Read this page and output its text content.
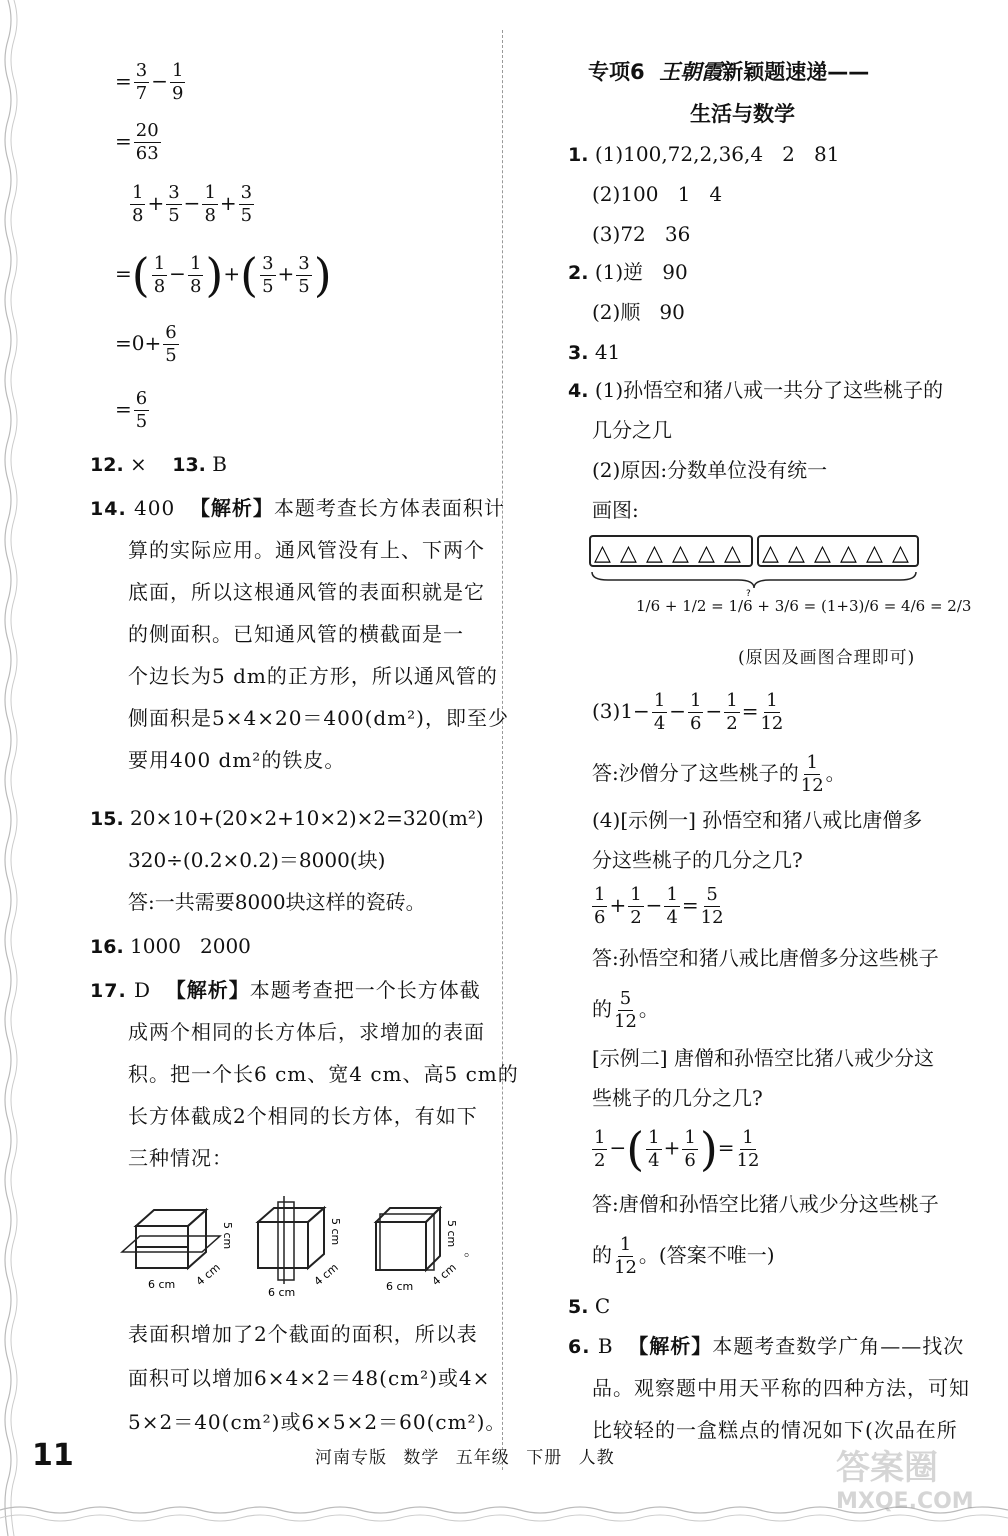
= $\frac{3}{7} - \frac{1}{9}$
= $\frac{20}{63}$
$\frac{1}{8} + \frac{3}{5} - \frac{1}{8} + \frac{3}{5}$
=( $\frac{1}{8} - \frac{1}{8}$ )+( $\frac{3}{5} + \frac{3}{5}$ )
$=0+ \frac{6}{5}$
= $\frac{6}{5}$
12. × 13. B
14. 400 【解析】本题考查长方体表面积计
算的实际应用。通风管没有上、下两个
底面，所以这根通风管的表面积就是它
的侧面积。已知通风管的横截面是一
个边长为5 dm的正方形，所以通风管的
侧面积是5×4×20＝400(dm²)，即至少
要用400 dm²的铁皮。
15. 20×10+(20×2+10×2)×2=320(m²)
320÷(0.2×0.2)＝8000(块)
答:一共需要8000块这样的瓷砖。
16. 1000   2000
17. D 【解析】本题考查把一个长方体截
成两个相同的长方体后，求增加的表面
积。把一个长6 cm、宽4 cm、高5 cm的
长方体截成2个相同的长方体，有如下
三种情况：
6 cm 4 cm
5 cm
6 cm
4 cm
5 cm
6 cm 4 cm
5 cm
。
表面积增加了2个截面的面积，所以表
面积可以增加6×4×2＝48(cm²)或4×
5×2＝40(cm²)或6×5×2＝60(cm²)。
专项6 王朝霞新颖题速递——
生活与数学
1. (1)100,72,2,36,4   2   81
(2)100   1   4
(3)72   36
2. (1)逆   90
(2)顺   90
3. 41
4. (1)孙悟空和猪八戒一共分了这些桃子的
几分之几
(2)原因:分数单位没有统一
画图:
△ △ △ △ △ △ △ △ △ △ △ △
?
1/6 + 1/2 = 1/6 + 3/6 = (1+3)/6 = 4/6 = 2/3
(原因及画图合理即可)
$(3)1- \frac{1}{4} - \frac{1}{6} - \frac{1}{2} = \frac{1}{12}$
答:沙僧分了这些桃子的 $\frac{1}{12}$ 。
(4)[示例一] 孙悟空和猪八戒比唐僧多
分这些桃子的几分之几?
$\frac{1}{6} + \frac{1}{2} - \frac{1}{4} = \frac{5}{12}$
答:孙悟空和猪八戒比唐僧多分这些桃子
的 $\frac{5}{12}$ 。
[示例二] 唐僧和孙悟空比猪八戒少分这
些桃子的几分之几?
$\frac{1}{2}$ −( $\frac{1}{4} + \frac{1}{6}$ )= $\frac{1}{12}$
答:唐僧和孙悟空比猪八戒少分这些桃子
的 $\frac{1}{12}$ 。(答案不唯一)
5. C
6. B 【解析】本题考查数学广角——找次
品。观察题中用天平称的四种方法，可知
比较轻的一盒糕点的情况如下(次品在所
11	河南专版 数学 五年级 下册 人教	答案圈
MXQE.COM
